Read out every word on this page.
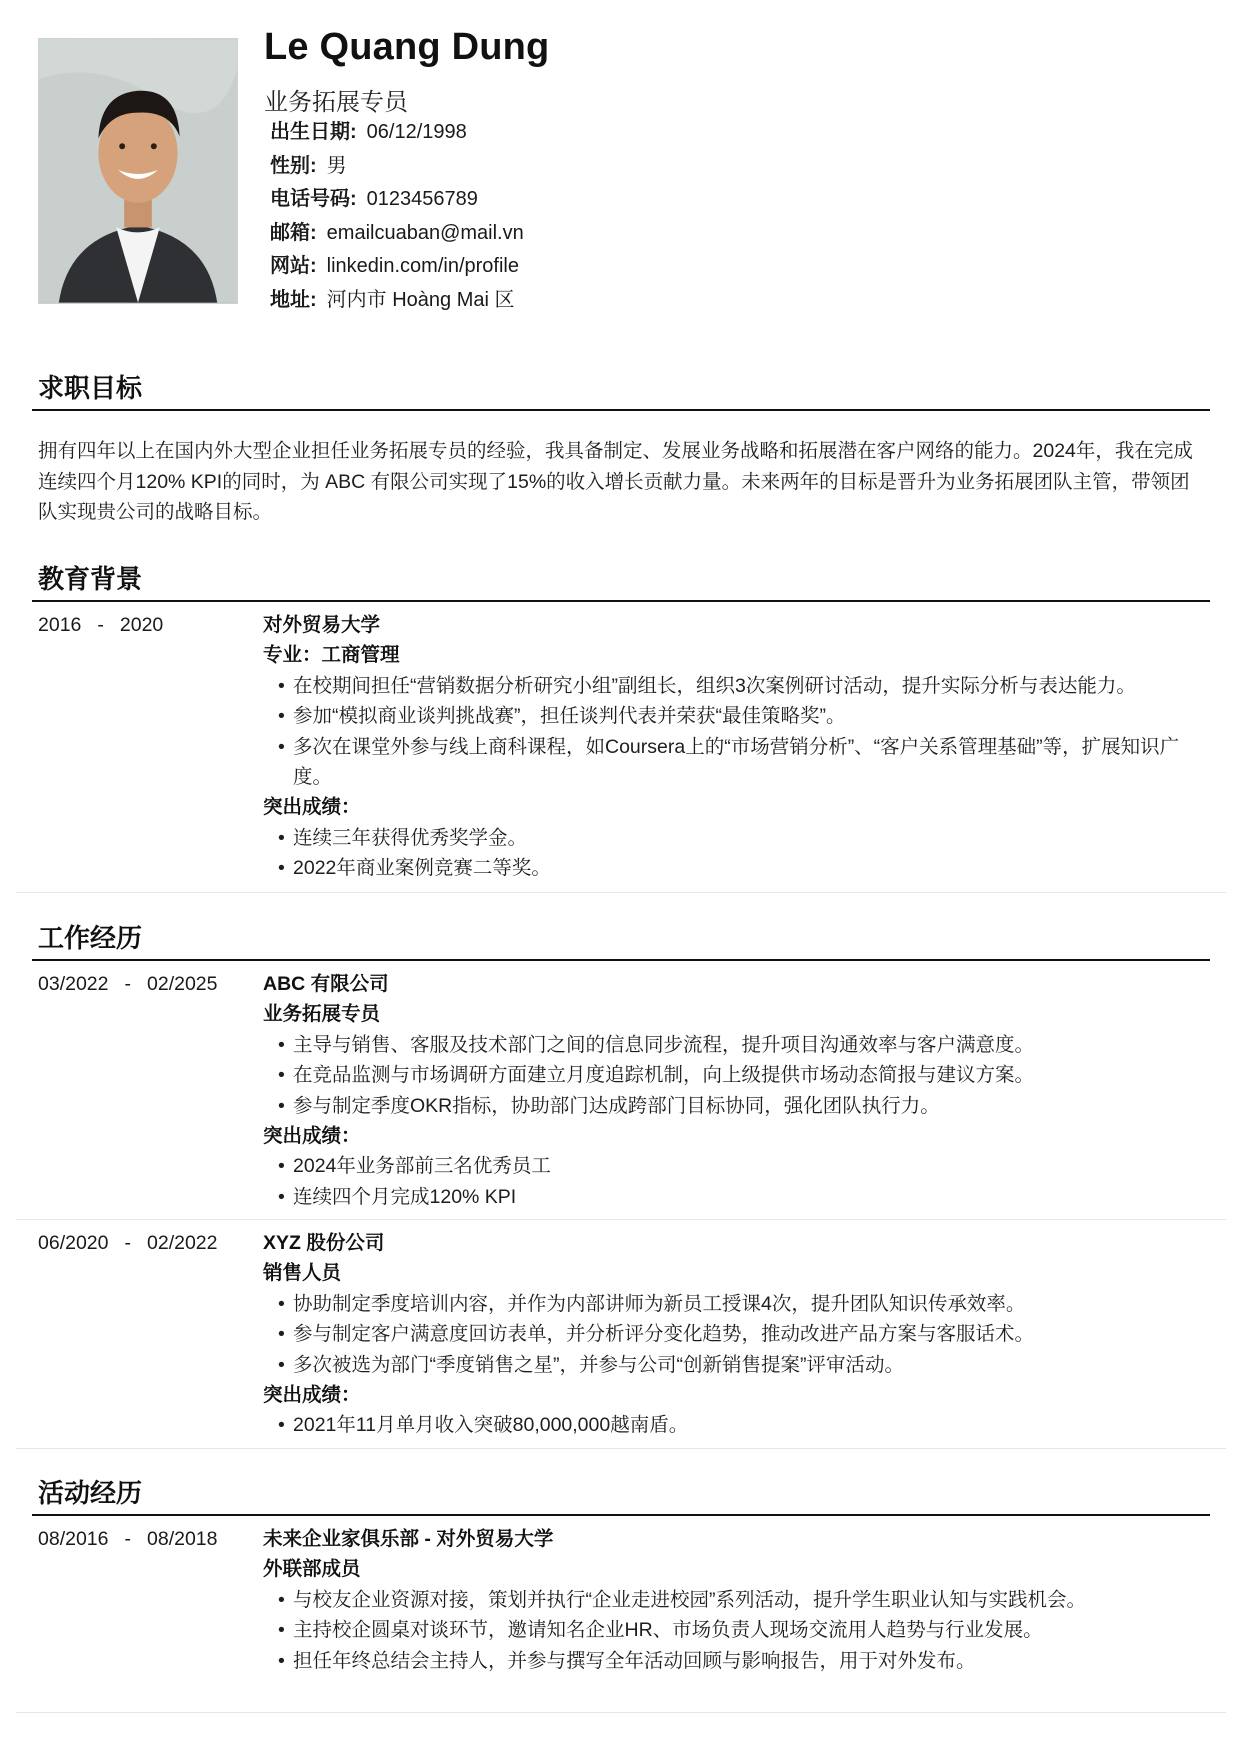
Le Quang Dung
业务拓展专员
出生日期: 06/12/1998
性别: 男
电话号码: 0123456789
邮箱: emailcuaban@mail.vn
网站: linkedin.com/in/profile
地址: 河内市 Hoàng Mai 区
求职目标

拥有四年以上在国内外大型企业担任业务拓展专员的经验，我具备制定、发展业务战略和拓展潜在客户网络的能力。2024年，我在完成连续四个月120% KPI的同时，为 ABC 有限公司实现了15%的收入增长贡献力量。未来两年的目标是晋升为业务拓展团队主管，带领团队实现贵公司的战略目标。

教育背景
2016 - 2020	对外贸易大学
专业：工商管理
• 在校期间担任“营销数据分析研究小组”副组长，组织3次案例研讨活动，提升实际分析与表达能力。
• 参加“模拟商业谈判挑战赛”，担任谈判代表并荣获“最佳策略奖”。
• 多次在课堂外参与线上商科课程，如Coursera上的“市场营销分析”、“客户关系管理基础”等，扩展知识广度。
突出成绩：
• 连续三年获得优秀奖学金。
• 2022年商业案例竞赛二等奖。
工作经历
03/2022 - 02/2025 ABC 有限公司
业务拓展专员
• 主导与销售、客服及技术部门之间的信息同步流程，提升项目沟通效率与客户满意度。
• 在竞品监测与市场调研方面建立月度追踪机制，向上级提供市场动态简报与建议方案。
• 参与制定季度OKR指标，协助部门达成跨部门目标协同，强化团队执行力。
突出成绩：
• 2024年业务部前三名优秀员工
• 连续四个月完成120% KPI
06/2020 - 02/2022 XYZ 股份公司
销售人员
• 协助制定季度培训内容，并作为内部讲师为新员工授课4次，提升团队知识传承效率。
• 参与制定客户满意度回访表单，并分析评分变化趋势，推动改进产品方案与客服话术。
• 多次被选为部门“季度销售之星”，并参与公司“创新销售提案”评审活动。
突出成绩：
• 2021年11月单月收入突破80,000,000越南盾。
活动经历
08/2016 - 08/2018 未来企业家俱乐部 - 对外贸易大学
外联部成员
• 与校友企业资源对接，策划并执行“企业走进校园”系列活动，提升学生职业认知与实践机会。
• 主持校企圆桌对谈环节，邀请知名企业HR、市场负责人现场交流用人趋势与行业发展。
• 担任年终总结会主持人，并参与撰写全年活动回顾与影响报告，用于对外发布。
